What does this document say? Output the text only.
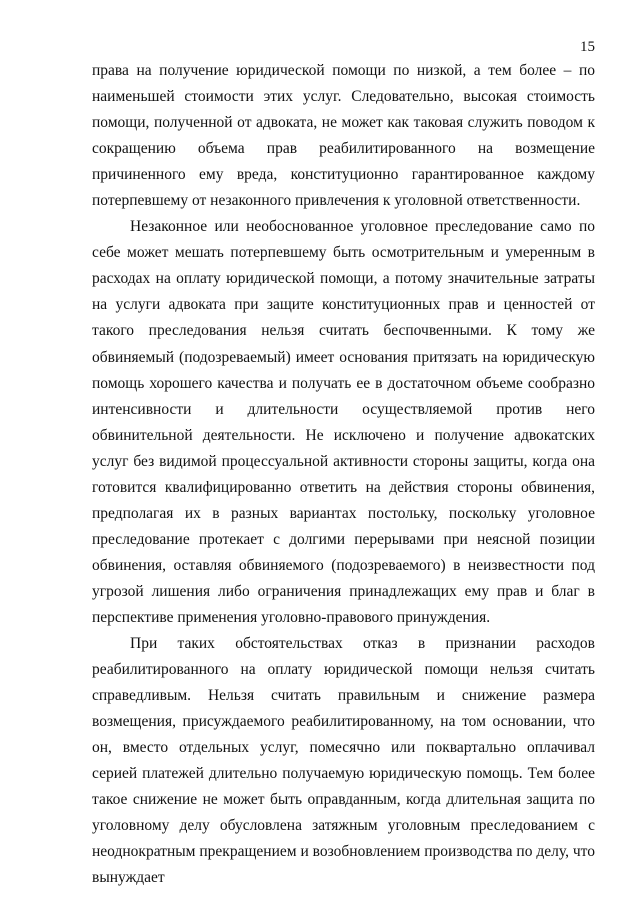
15

права на получение юридической помощи по низкой, а тем более – по наименьшей стоимости этих услуг. Следовательно, высокая стоимость помощи, полученной от адвоката, не может как таковая служить поводом к сокращению объема прав реабилитированного на возмещение причиненного ему вреда, конституционно гарантированное каждому потерпевшему от незаконного привлечения к уголовной ответственности.

Незаконное или необоснованное уголовное преследование само по себе может мешать потерпевшему быть осмотрительным и умеренным в расходах на оплату юридической помощи, а потому значительные затраты на услуги адвоката при защите конституционных прав и ценностей от такого преследования нельзя считать беспочвенными. К тому же обвиняемый (подозреваемый) имеет основания притязать на юридическую помощь хорошего качества и получать ее в достаточном объеме сообразно интенсивности и длительности осуществляемой против него обвинительной деятельности. Не исключено и получение адвокатских услуг без видимой процессуальной активности стороны защиты, когда она готовится квалифицированно ответить на действия стороны обвинения, предполагая их в разных вариантах постольку, поскольку уголовное преследование протекает с долгими перерывами при неясной позиции обвинения, оставляя обвиняемого (подозреваемого) в неизвестности под угрозой лишения либо ограничения принадлежащих ему прав и благ в перспективе применения уголовно-правового принуждения.

При таких обстоятельствах отказ в признании расходов реабилитированного на оплату юридической помощи нельзя считать справедливым. Нельзя считать правильным и снижение размера возмещения, присуждаемого реабилитированному, на том основании, что он, вместо отдельных услуг, помесячно или поквартально оплачивал серией платежей длительно получаемую юридическую помощь. Тем более такое снижение не может быть оправданным, когда длительная защита по уголовному делу обусловлена затяжным уголовным преследованием с неоднократным прекращением и возобновлением производства по делу, что вынуждает
